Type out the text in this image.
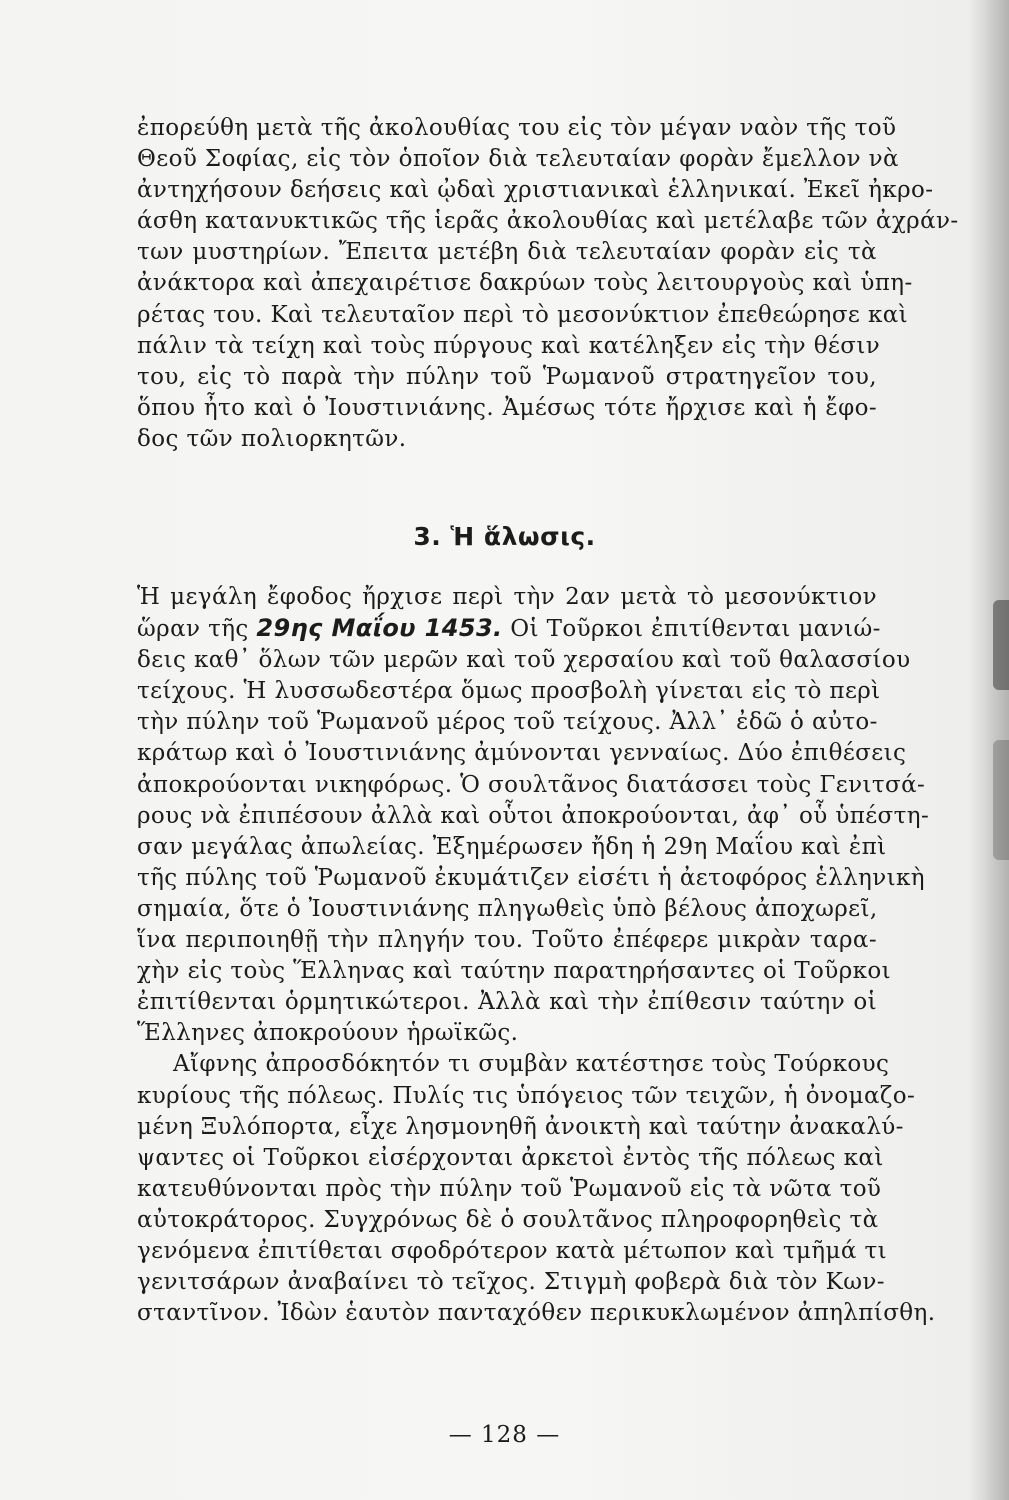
ἐπορεύθη μετὰ τῆς ἀκολουθίας του εἰς τὸν μέγαν ναὸν τῆς τοῦ
Θεοῦ Σοφίας, εἰς τὸν ὁποῖον διὰ τελευταίαν φορὰν ἔμελλον νὰ
ἀντηχήσουν δεήσεις καὶ ᾠδαὶ χριστιανικαὶ ἑλληνικαί. Ἐκεῖ ἠκρο-
άσθη κατανυκτικῶς τῆς ἱερᾶς ἀκολουθίας καὶ μετέλαβε τῶν ἀχράν-
των μυστηρίων. Ἔπειτα μετέβη διὰ τελευταίαν φορὰν εἰς τὰ
ἀνάκτορα καὶ ἀπεχαιρέτισε δακρύων τοὺς λειτουργοὺς καὶ ὑπη-
ρέτας του. Καὶ τελευταῖον περὶ τὸ μεσονύκτιον ἐπεθεώρησε καὶ
πάλιν τὰ τείχη καὶ τοὺς πύργους καὶ κατέληξεν εἰς τὴν θέσιν
του, εἰς τὸ παρὰ τὴν πύλην τοῦ Ῥωμανοῦ στρατηγεῖον του,
ὅπου ἦτο καὶ ὁ Ἰουστινιάνης. Ἀμέσως τότε ἤρχισε καὶ ἡ ἔφο-
δος τῶν πολιορκητῶν.
3. Ἡ ἅλωσις.
Ἡ μεγάλη ἔφοδος ἤρχισε περὶ τὴν 2αν μετὰ τὸ μεσονύκτιον
ὥραν τῆς 29ης Μαΐου 1453. Οἱ Τοῦρκοι ἐπιτίθενται μανιώ-
δεις καθ᾽ ὅλων τῶν μερῶν καὶ τοῦ χερσαίου καὶ τοῦ θαλασσίου
τείχους. Ἡ λυσσωδεστέρα ὅμως προσβολὴ γίνεται εἰς τὸ περὶ
τὴν πύλην τοῦ Ῥωμανοῦ μέρος τοῦ τείχους. Ἀλλ᾽ ἐδῶ ὁ αὐτο-
κράτωρ καὶ ὁ Ἰουστινιάνης ἀμύνονται γενναίως. Δύο ἐπιθέσεις
ἀποκρούονται νικηφόρως. Ὁ σουλτᾶνος διατάσσει τοὺς Γενιτσά-
ρους νὰ ἐπιπέσουν ἀλλὰ καὶ οὗτοι ἀποκρούονται, ἀφ᾽ οὗ ὑπέστη-
σαν μεγάλας ἀπωλείας. Ἐξημέρωσεν ἤδη ἡ 29η Μαΐου καὶ ἐπὶ
τῆς πύλης τοῦ Ῥωμανοῦ ἐκυμάτιζεν εἰσέτι ἡ ἀετοφόρος ἑλληνικὴ
σημαία, ὅτε ὁ Ἰουστινιάνης πληγωθεὶς ὑπὸ βέλους ἀποχωρεῖ,
ἵνα περιποιηθῇ τὴν πληγήν του. Τοῦτο ἐπέφερε μικρὰν ταρα-
χὴν εἰς τοὺς Ἕλληνας καὶ ταύτην παρατηρήσαντες οἱ Τοῦρκοι
ἐπιτίθενται ὁρμητικώτεροι. Ἀλλὰ καὶ τὴν ἐπίθεσιν ταύτην οἱ
Ἕλληνες ἀποκρούουν ἡρωϊκῶς.
Αἴφνης ἀπροσδόκητόν τι συμβὰν κατέστησε τοὺς Τούρκους
κυρίους τῆς πόλεως. Πυλίς τις ὑπόγειος τῶν τειχῶν, ἡ ὀνομαζο-
μένη Ξυλόπορτα, εἶχε λησμονηθῆ ἀνοικτὴ καὶ ταύτην ἀνακαλύ-
ψαντες οἱ Τοῦρκοι εἰσέρχονται ἀρκετοὶ ἐντὸς τῆς πόλεως καὶ
κατευθύνονται πρὸς τὴν πύλην τοῦ Ῥωμανοῦ εἰς τὰ νῶτα τοῦ
αὐτοκράτορος. Συγχρόνως δὲ ὁ σουλτᾶνος πληροφορηθεὶς τὰ
γενόμενα ἐπιτίθεται σφοδρότερον κατὰ μέτωπον καὶ τμῆμά τι
γενιτσάρων ἀναβαίνει τὸ τεῖχος. Στιγμὴ φοβερὰ διὰ τὸν Κων-
σταντῖνον. Ἰδὼν ἑαυτὸν πανταχόθεν περικυκλωμένον ἀπηλπίσθη.
— 128 —
